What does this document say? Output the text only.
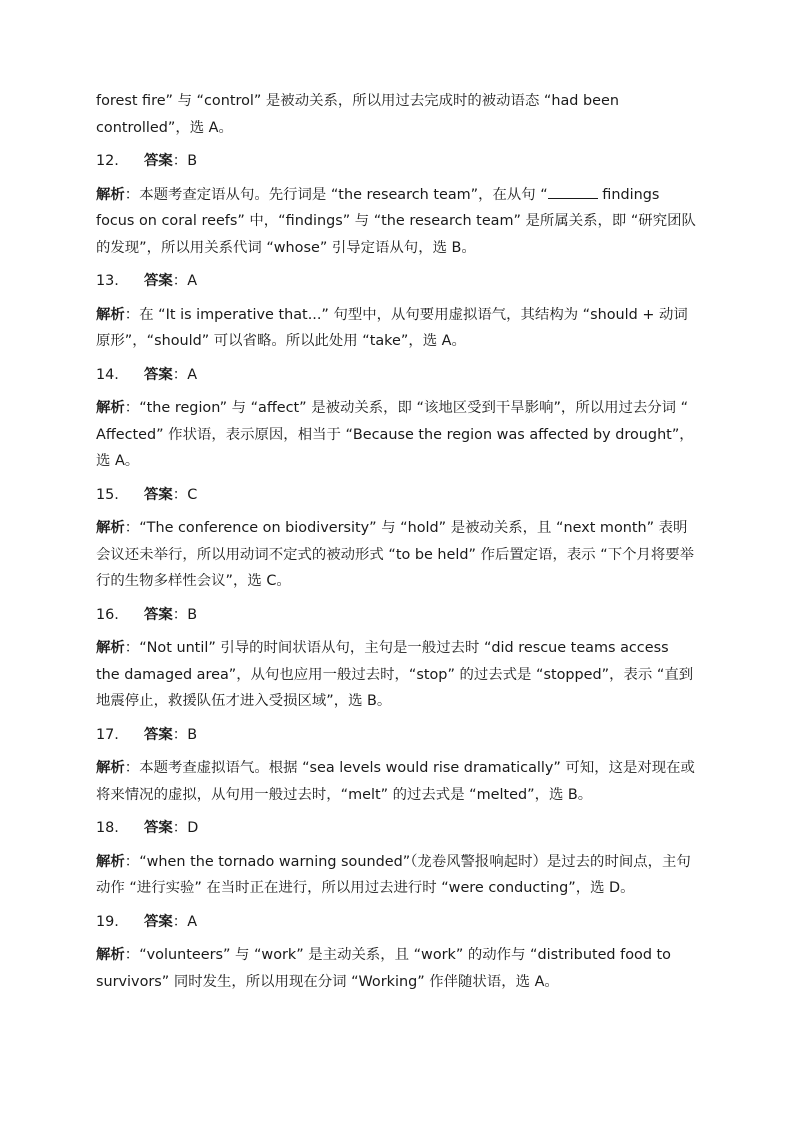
forest fire” 与 “control” 是被动关系，所以用过去完成时的被动语态 “had been

controlled”，选 A。

12.	答案：B

解析：本题考查定语从句。先行词是 “the research team”，在从句 “	findings focus on coral reefs” 中，“findings” 与 “the research team” 是所属关系，即 “研究团队的发现”，所以用关系代词 “whose” 引导定语从句，选 B。

13.	答案：A

解析：在 “It is imperative that...” 句型中，从句要用虚拟语气，其结构为 “should + 动词原形”，“should” 可以省略。所以此处用 “take”，选 A。

14.	答案：A

解析：“the region” 与 “affect” 是被动关系，即 “该地区受到干旱影响”，所以用过去分词 “ Affected” 作状语，表示原因，相当于 “Because the region was affected by drought”，选 A。

15.	答案：C

解析：“The conference on biodiversity” 与 “hold” 是被动关系，且 “next month” 表明会议还未举行，所以用动词不定式的被动形式 “to be held” 作后置定语，表示 “下个月将要举行的生物多样性会议”，选 C。

16.	答案：B

解析：“Not until” 引导的时间状语从句，主句是一般过去时 “did rescue teams access the damaged area”，从句也应用一般过去时，“stop” 的过去式是 “stopped”，表示 “直到地震停止，救援队伍才进入受损区域”，选 B。

17.	答案：B

解析：本题考查虚拟语气。根据 “sea levels would rise dramatically” 可知，这是对现在或将来情况的虚拟，从句用一般过去时，“melt” 的过去式是 “melted”，选 B。

18.	答案：D

解析：“when the tornado warning sounded”（龙卷风警报响起时）是过去的时间点，主句动作 “进行实验” 在当时正在进行，所以用过去进行时 “were conducting”，选 D。

19.	答案：A

解析：“volunteers” 与 “work” 是主动关系，且 “work” 的动作与 “distributed food to survivors” 同时发生，所以用现在分词 “Working” 作伴随状语，选 A。
